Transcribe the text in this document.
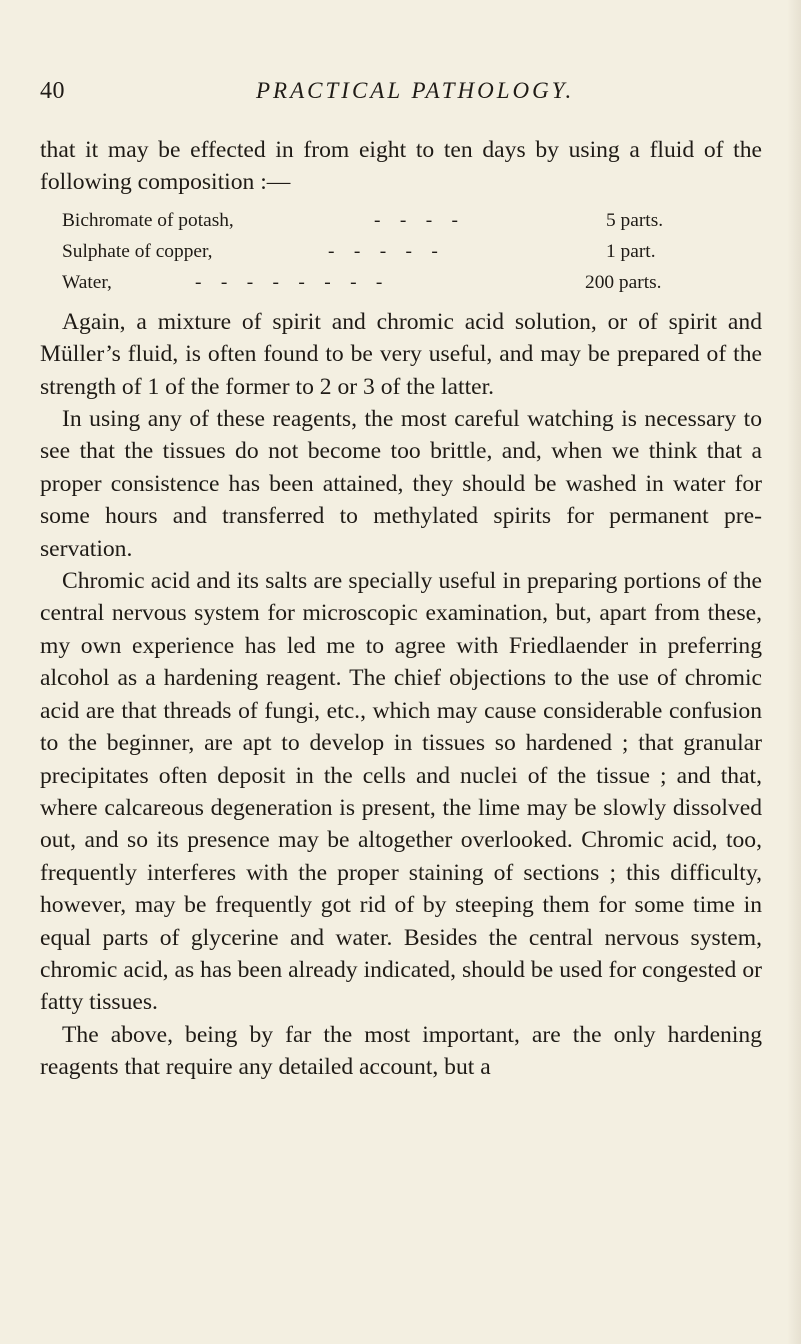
40	PRACTICAL PATHOLOGY.

that it may be effected in from eight to ten days by using a fluid of the following composition :—

Bichromate of potash,	-    -    -    -	5 parts.
Sulphate of copper,	-    -    -    -    -	1 part.
Water,	-    -    -    -    -    -    -    -	200 parts.

Again, a mixture of spirit and chromic acid solution, or of spirit and Müller’s fluid, is often found to be very useful, and may be prepared of the strength of 1 of the former to 2 or 3 of the latter.

In using any of these reagents, the most careful watching is necessary to see that the tissues do not become too brittle, and, when we think that a proper consistence has been attained, they should be washed in water for some hours and transferred to methylated spirits for permanent pre- servation.

Chromic acid and its salts are specially useful in preparing portions of the central nervous system for microscopic examination, but, apart from these, my own experience has led me to agree with Friedlaender in preferring alcohol as a hardening reagent. The chief objections to the use of chromic acid are that threads of fungi, etc., which may cause considerable confusion to the beginner, are apt to develop in tissues so hardened ; that granular precipitates often deposit in the cells and nuclei of the tissue ; and that, where calcareous degeneration is present, the lime may be slowly dissolved out, and so its presence may be altogether overlooked. Chromic acid, too, frequently interferes with the proper staining of sections ; this difficulty, however, may be frequently got rid of by steeping them for some time in equal parts of glycerine and water. Besides the central nervous system, chromic acid, as has been already indicated, should be used for congested or fatty tissues.

The above, being by far the most important, are the only hardening reagents that require any detailed account, but a
